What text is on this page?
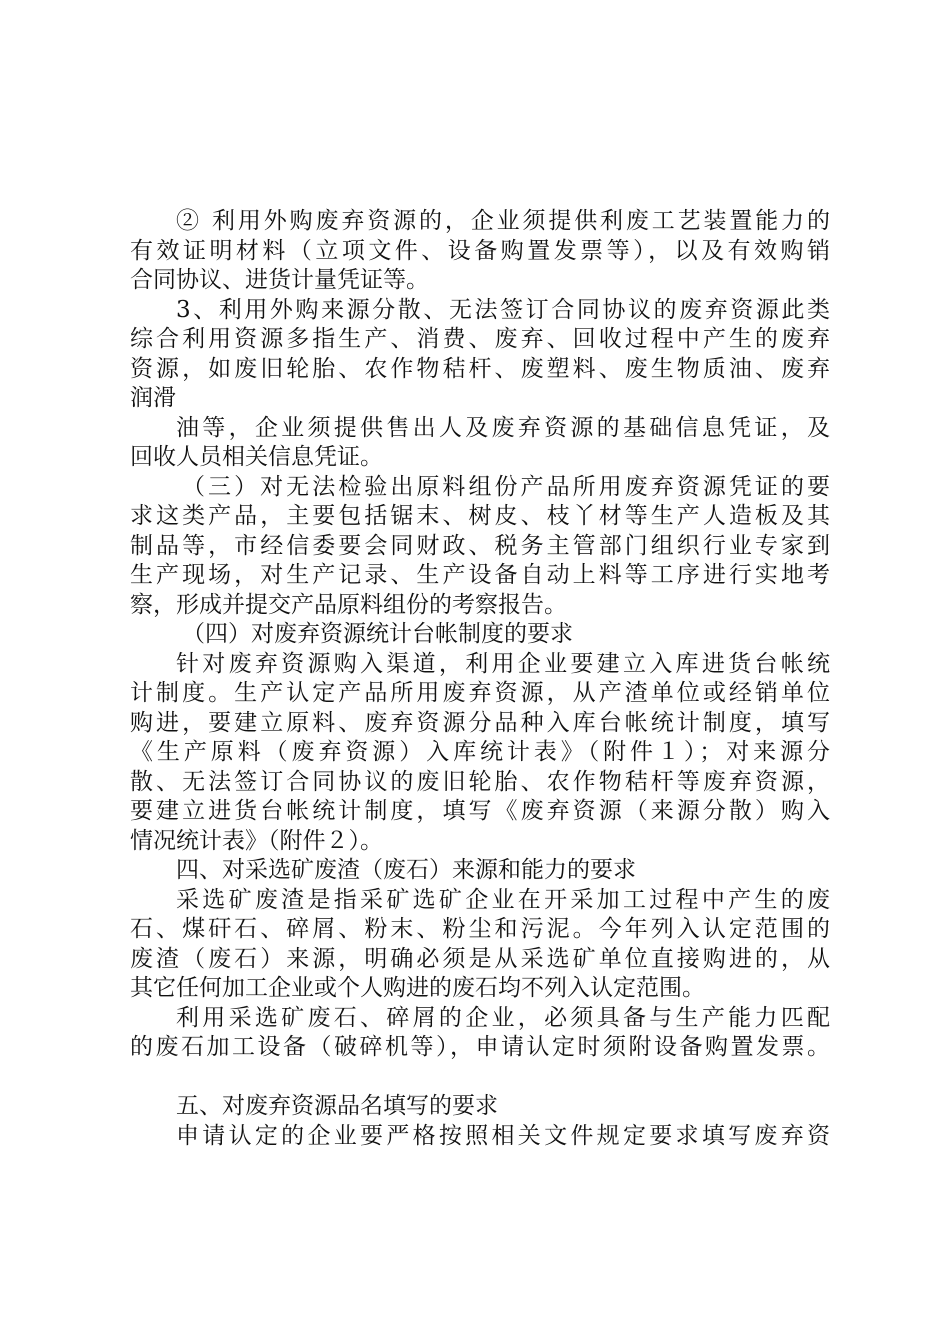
② 利用外购废弃资源的，企业须提供利废工艺装置能力的
有效证明材料（立项文件、设备购置发票等），以及有效购销
合同协议、进货计量凭证等。
3、利用外购来源分散、无法签订合同协议的废弃资源此类
综合利用资源多指生产、消费、废弃、回收过程中产生的废弃
资源，如废旧轮胎、农作物秸杆、废塑料、废生物质油、废弃
润滑
油等，企业须提供售出人及废弃资源的基础信息凭证，及
回收人员相关信息凭证。
（三）对无法检验出原料组份产品所用废弃资源凭证的要
求这类产品，主要包括锯末、树皮、枝丫材等生产人造板及其
制品等，市经信委要会同财政、税务主管部门组织行业专家到
生产现场，对生产记录、生产设备自动上料等工序进行实地考
察，形成并提交产品原料组份的考察报告。
（四）对废弃资源统计台帐制度的要求
针对废弃资源购入渠道，利用企业要建立入库进货台帐统
计制度。生产认定产品所用废弃资源，从产渣单位或经销单位
购进，要建立原料、废弃资源分品种入库台帐统计制度，填写
《生产原料（废弃资源）入库统计表》（附件１）；对来源分
散、无法签订合同协议的废旧轮胎、农作物秸杆等废弃资源，
要建立进货台帐统计制度，填写《废弃资源（来源分散）购入
情况统计表》（附件２）。
四、对采选矿废渣（废石）来源和能力的要求
采选矿废渣是指采矿选矿企业在开采加工过程中产生的废
石、煤矸石、碎屑、粉末、粉尘和污泥。今年列入认定范围的
废渣（废石）来源，明确必须是从采选矿单位直接购进的，从
其它任何加工企业或个人购进的废石均不列入认定范围。
利用采选矿废石、碎屑的企业，必须具备与生产能力匹配
的废石加工设备（破碎机等），申请认定时须附设备购置发票。
五、对废弃资源品名填写的要求
申请认定的企业要严格按照相关文件规定要求填写废弃资
